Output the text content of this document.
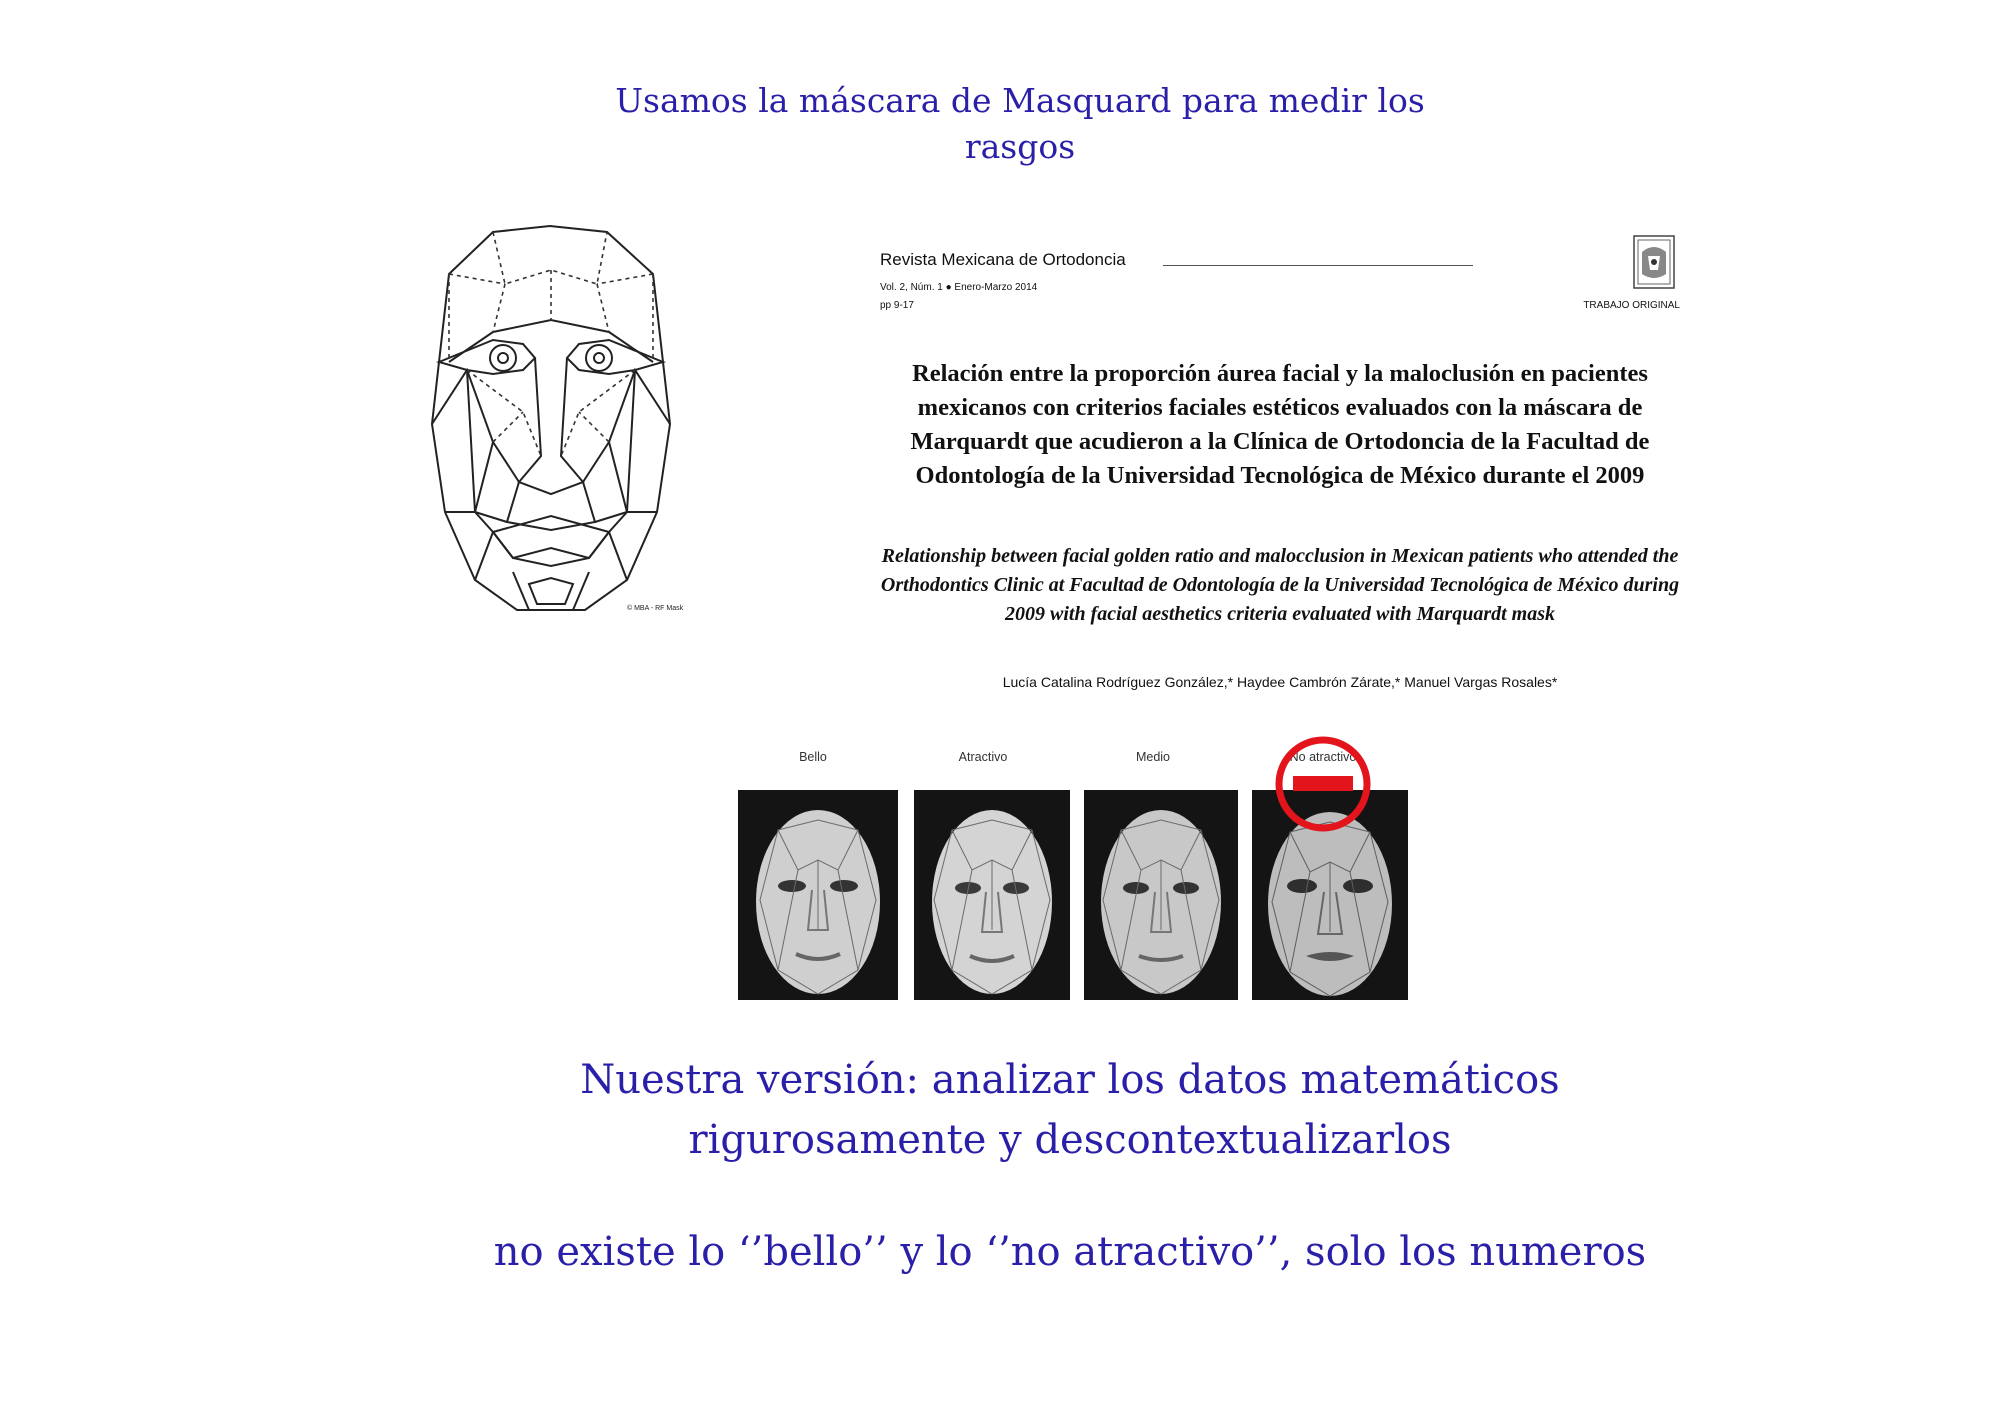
Usamos la máscara de Masquard para medir los
rasgos
© MBA - RF Mask
Revista Mexicana de Ortodoncia
Vol. 2, Núm. 1 ● Enero-Marzo 2014
pp 9-17	TRABAJO ORIGINAL
Relación entre la proporción áurea facial y la maloclusión en pacientes mexicanos con criterios faciales estéticos evaluados con la máscara de Marquardt que acudieron a la Clínica de Ortodoncia de la Facultad de Odontología de la Universidad Tecnológica de México durante el 2009
Relationship between facial golden ratio and malocclusion in Mexican patients who attended the Orthodontics Clinic at Facultad de Odontología de la Universidad Tecnológica de México during 2009 with facial aesthetics criteria evaluated with Marquardt mask
Lucía Catalina Rodríguez González,* Haydee Cambrón Zárate,* Manuel Vargas Rosales*
Bello	Atractivo	Medio	No atractivo
Nuestra versión: analizar los datos matemáticos
rigurosamente y descontextualizarlos
no existe lo ‘’bello’’ y lo ‘’no atractivo’’, solo los numeros
